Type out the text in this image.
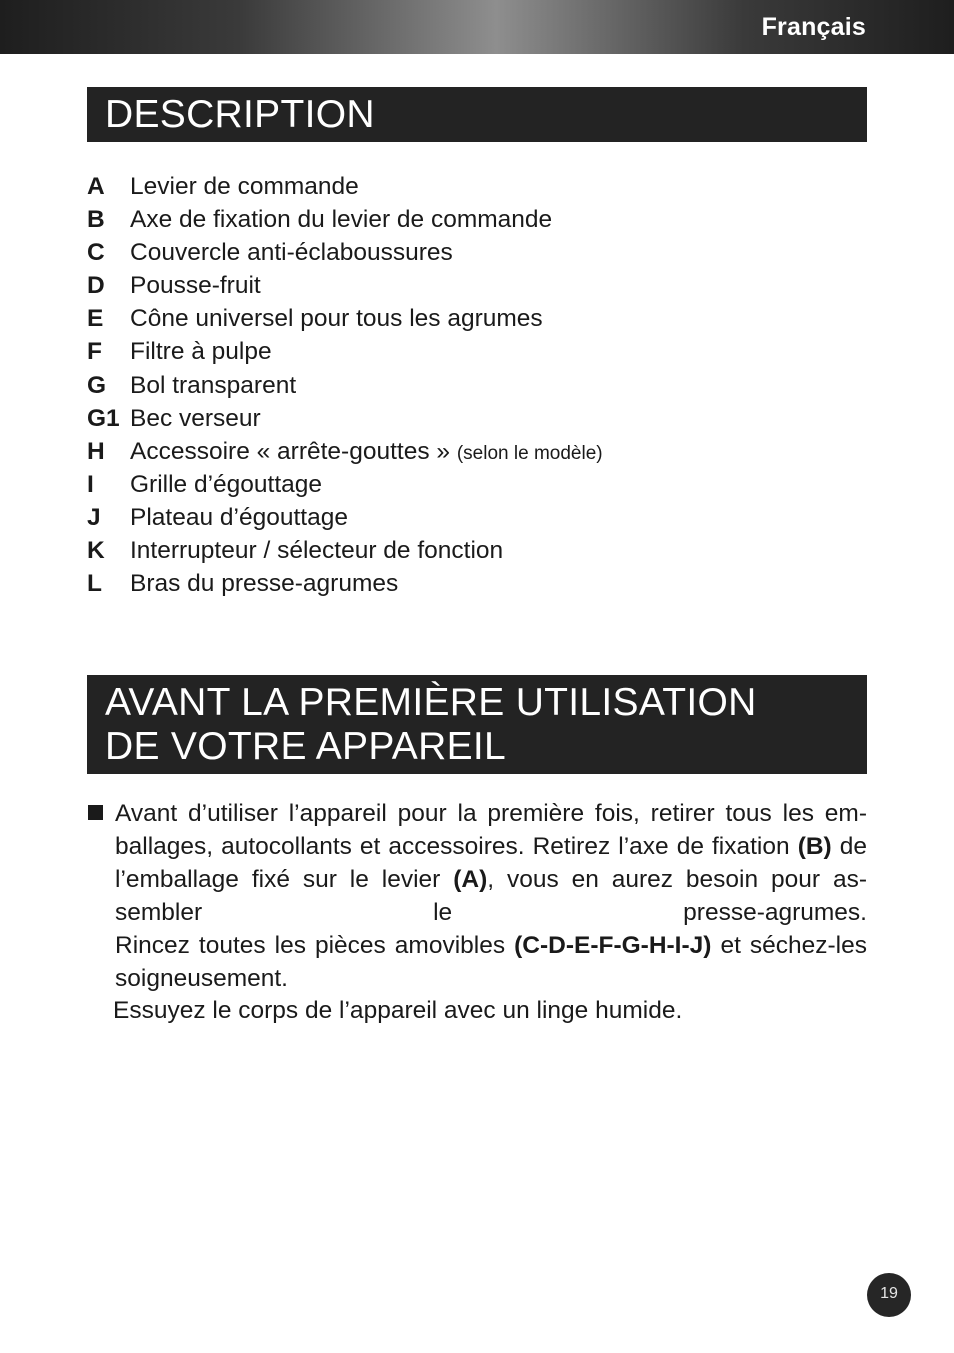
Français
DESCRIPTION
A Levier de commande
B Axe de fixation du levier de commande
C Couvercle anti-éclaboussures
D Pousse-fruit
E Cône universel pour tous les agrumes
F Filtre à pulpe
G Bol transparent
G1 Bec verseur
H Accessoire « arrête-gouttes » (selon le modèle)
I Grille d’égouttage
J Plateau d’égouttage
K Interrupteur / sélecteur de fonction
L Bras du presse-agrumes
AVANT LA PREMIÈRE UTILISATION
DE VOTRE APPAREIL

Avant d’utiliser l’appareil pour la première fois, retirer tous les em-ballages, autocollants et accessoires. Retirez l’axe de fixation (B) de l’emballage fixé sur le levier (A), vous en aurez besoin pour as-sembler le presse-agrumes.

Rincez toutes les pièces amovibles (C-D-E-F-G-H-I-J) et séchez-les soigneusement.

Essuyez le corps de l’appareil avec un linge humide.

19
